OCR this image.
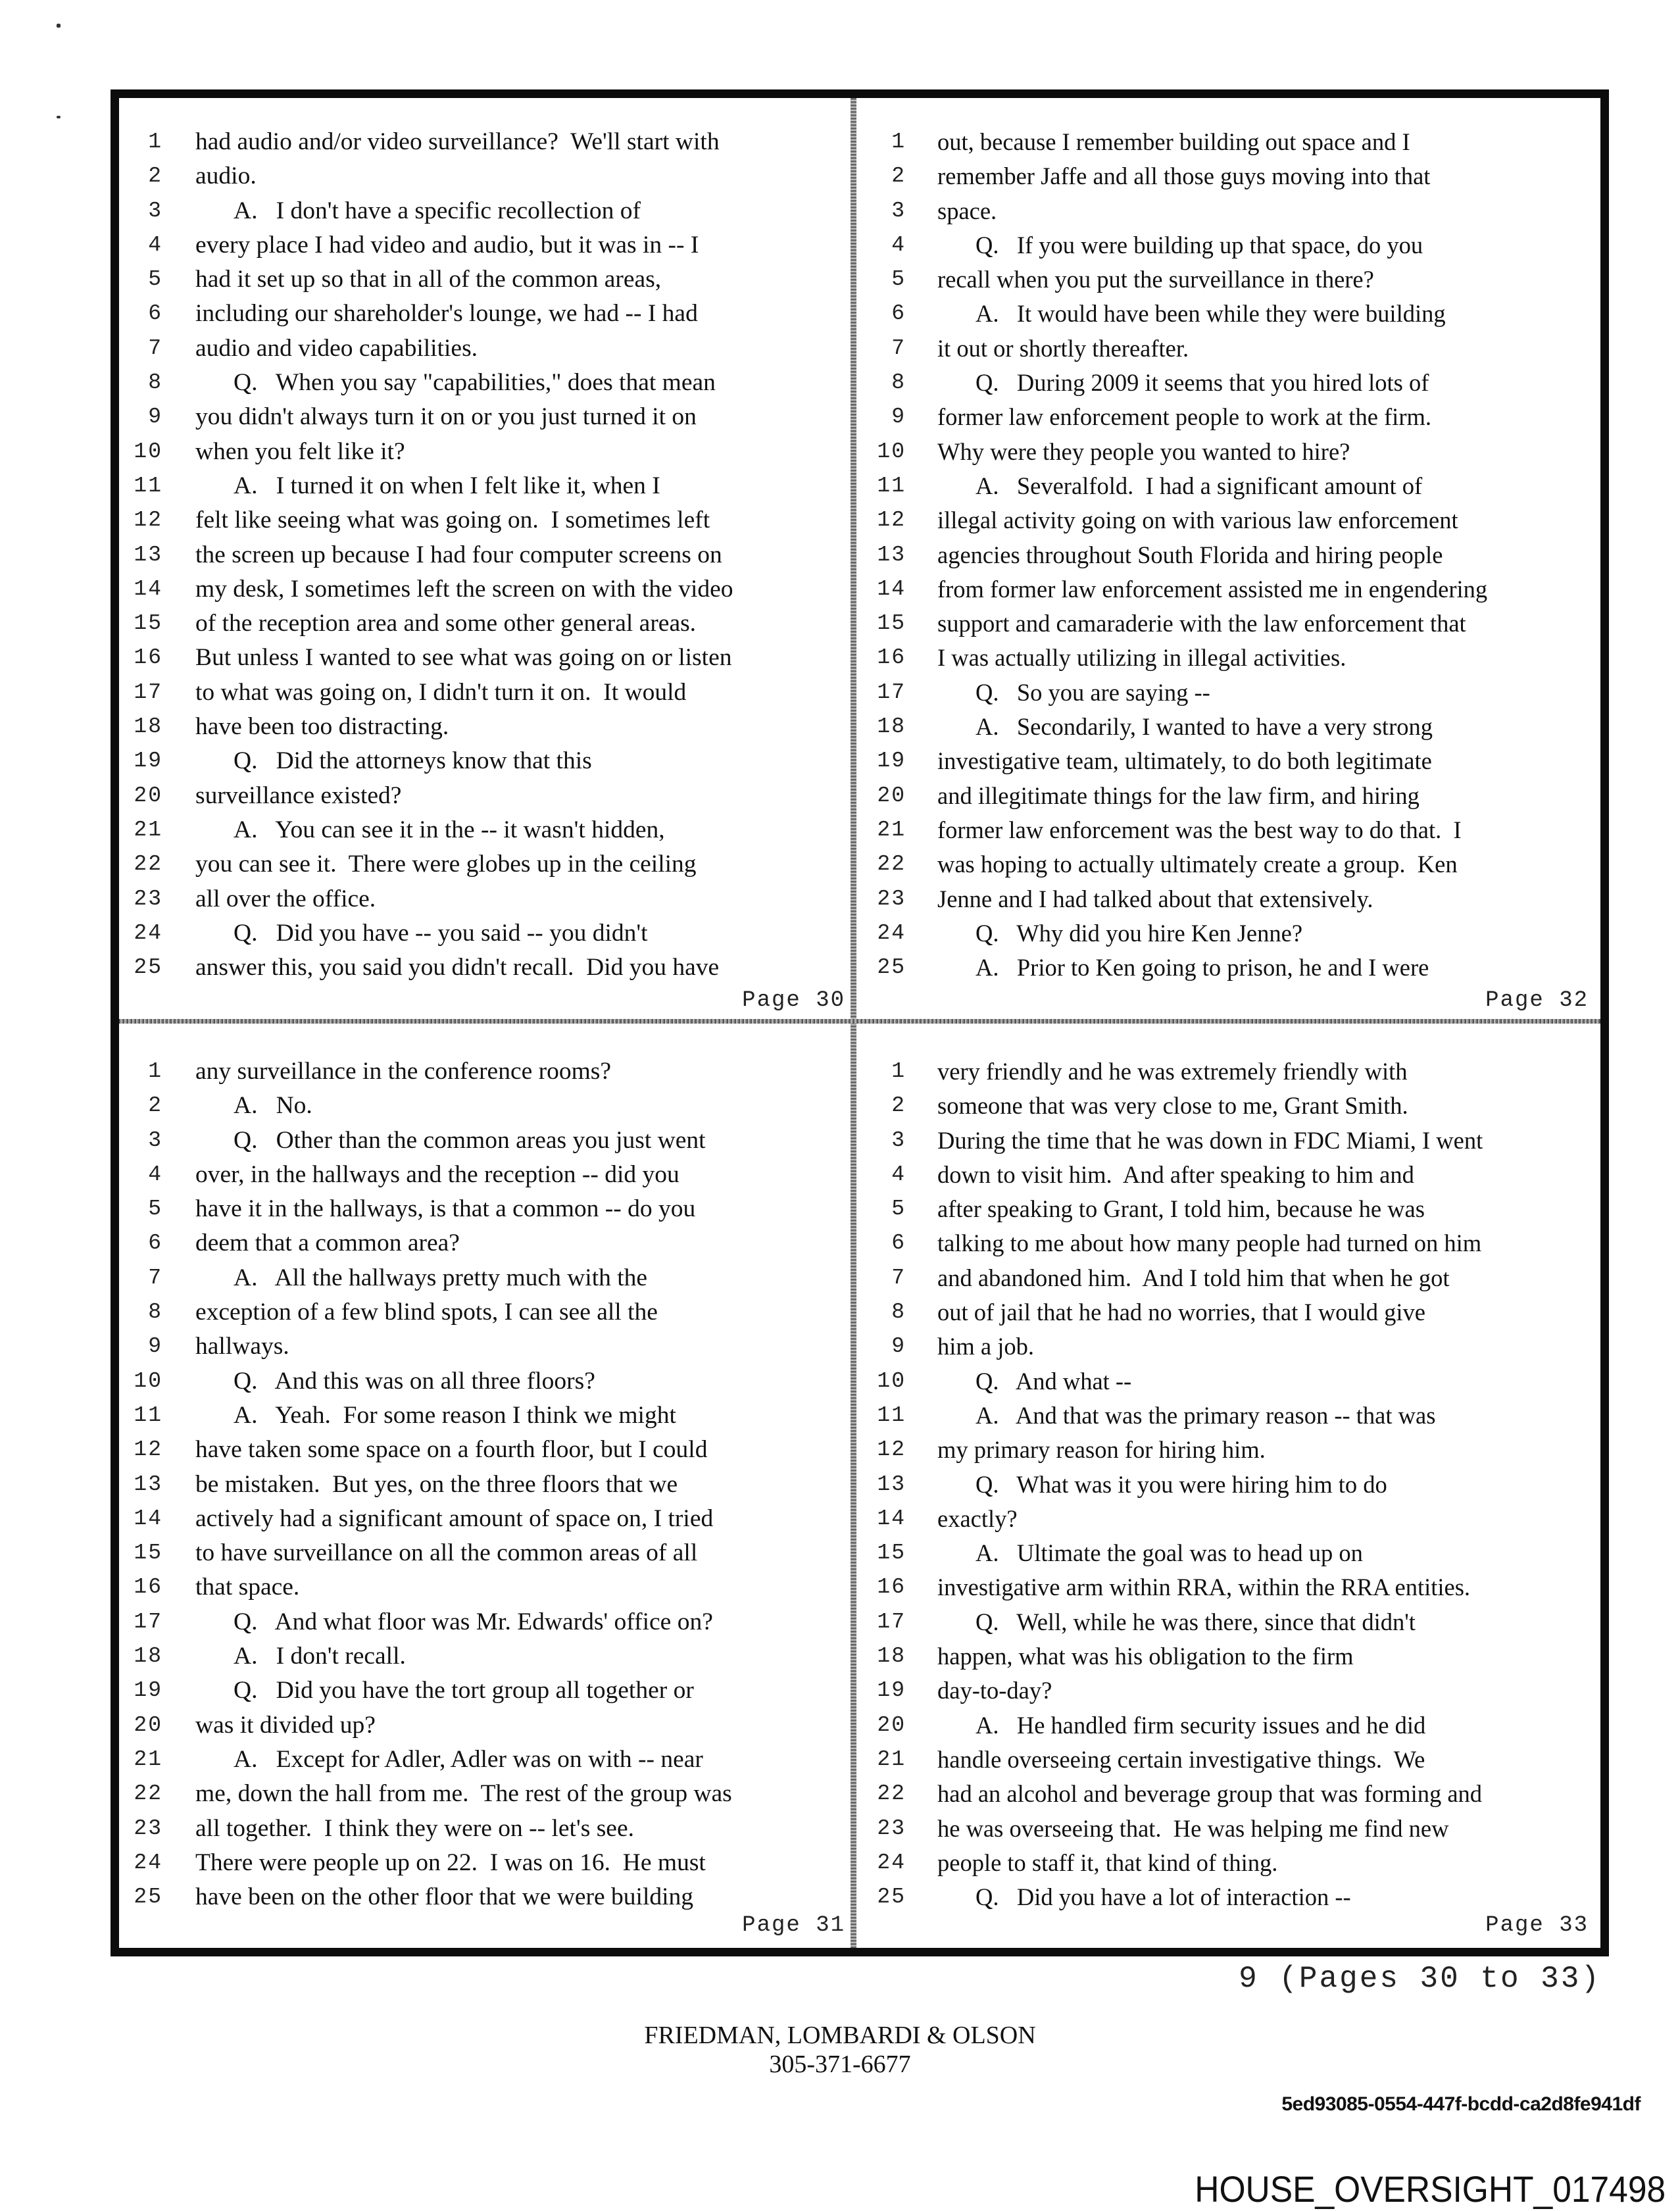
1 had audio and/or video surveillance?  We'll start with
2 audio.
3	A.   I don't have a specific recollection of
4 every place I had video and audio, but it was in -- I
5 had it set up so that in all of the common areas,
6 including our shareholder's lounge, we had -- I had
7 audio and video capabilities.
8	Q.   When you say "capabilities," does that mean
9 you didn't always turn it on or you just turned it on
10 when you felt like it?
11	A.   I turned it on when I felt like it, when I
12 felt like seeing what was going on.  I sometimes left
13 the screen up because I had four computer screens on
14 my desk, I sometimes left the screen on with the video
15 of the reception area and some other general areas.
16 But unless I wanted to see what was going on or listen
17 to what was going on, I didn't turn it on.  It would
18 have been too distracting.
19	Q.   Did the attorneys know that this
20 surveillance existed?
21	A.   You can see it in the -- it wasn't hidden,
22 you can see it.  There were globes up in the ceiling
23 all over the office.
24	Q.   Did you have -- you said -- you didn't
25 answer this, you said you didn't recall.  Did you have
Page 30
1 out, because I remember building out space and I
2 remember Jaffe and all those guys moving into that
3 space.
4	Q.   If you were building up that space, do you
5 recall when you put the surveillance in there?
6	A.   It would have been while they were building
7 it out or shortly thereafter.
8	Q.   During 2009 it seems that you hired lots of
9 former law enforcement people to work at the firm.
10 Why were they people you wanted to hire?
11	A.   Severalfold.  I had a significant amount of
12 illegal activity going on with various law enforcement
13 agencies throughout South Florida and hiring people
14 from former law enforcement assisted me in engendering
15 support and camaraderie with the law enforcement that
16 I was actually utilizing in illegal activities.
17	Q.   So you are saying --
18	A.   Secondarily, I wanted to have a very strong
19 investigative team, ultimately, to do both legitimate
20 and illegitimate things for the law firm, and hiring
21 former law enforcement was the best way to do that.  I
22 was hoping to actually ultimately create a group.  Ken
23 Jenne and I had talked about that extensively.
24	Q.   Why did you hire Ken Jenne?
25	A.   Prior to Ken going to prison, he and I were
Page 32
1 any surveillance in the conference rooms?
2	A.   No.
3	Q.   Other than the common areas you just went
4 over, in the hallways and the reception -- did you
5 have it in the hallways, is that a common -- do you
6 deem that a common area?
7	A.   All the hallways pretty much with the
8 exception of a few blind spots, I can see all the
9 hallways.
10	Q.   And this was on all three floors?
11	A.   Yeah.  For some reason I think we might
12 have taken some space on a fourth floor, but I could
13 be mistaken.  But yes, on the three floors that we
14 actively had a significant amount of space on, I tried
15 to have surveillance on all the common areas of all
16 that space.
17	Q.   And what floor was Mr. Edwards' office on?
18	A.   I don't recall.
19	Q.   Did you have the tort group all together or
20 was it divided up?
21	A.   Except for Adler, Adler was on with -- near
22 me, down the hall from me.  The rest of the group was
23 all together.  I think they were on -- let's see.
24 There were people up on 22.  I was on 16.  He must
25 have been on the other floor that we were building
Page 31
1 very friendly and he was extremely friendly with
2 someone that was very close to me, Grant Smith.
3 During the time that he was down in FDC Miami, I went
4 down to visit him.  And after speaking to him and
5 after speaking to Grant, I told him, because he was
6 talking to me about how many people had turned on him
7 and abandoned him.  And I told him that when he got
8 out of jail that he had no worries, that I would give
9 him a job.
10	Q.   And what --
11	A.   And that was the primary reason -- that was
12 my primary reason for hiring him.
13	Q.   What was it you were hiring him to do
14 exactly?
15	A.   Ultimate the goal was to head up on
16 investigative arm within RRA, within the RRA entities.
17	Q.   Well, while he was there, since that didn't
18 happen, what was his obligation to the firm
19 day-to-day?
20	A.   He handled firm security issues and he did
21 handle overseeing certain investigative things.  We
22 had an alcohol and beverage group that was forming and
23 he was overseeing that.  He was helping me find new
24 people to staff it, that kind of thing.
25	Q.   Did you have a lot of interaction --
Page 33
9 (Pages 30 to 33)
FRIEDMAN, LOMBARDI & OLSON
305-371-6677
5ed93085-0554-447f-bcdd-ca2d8fe941df
HOUSE_OVERSIGHT_017498
